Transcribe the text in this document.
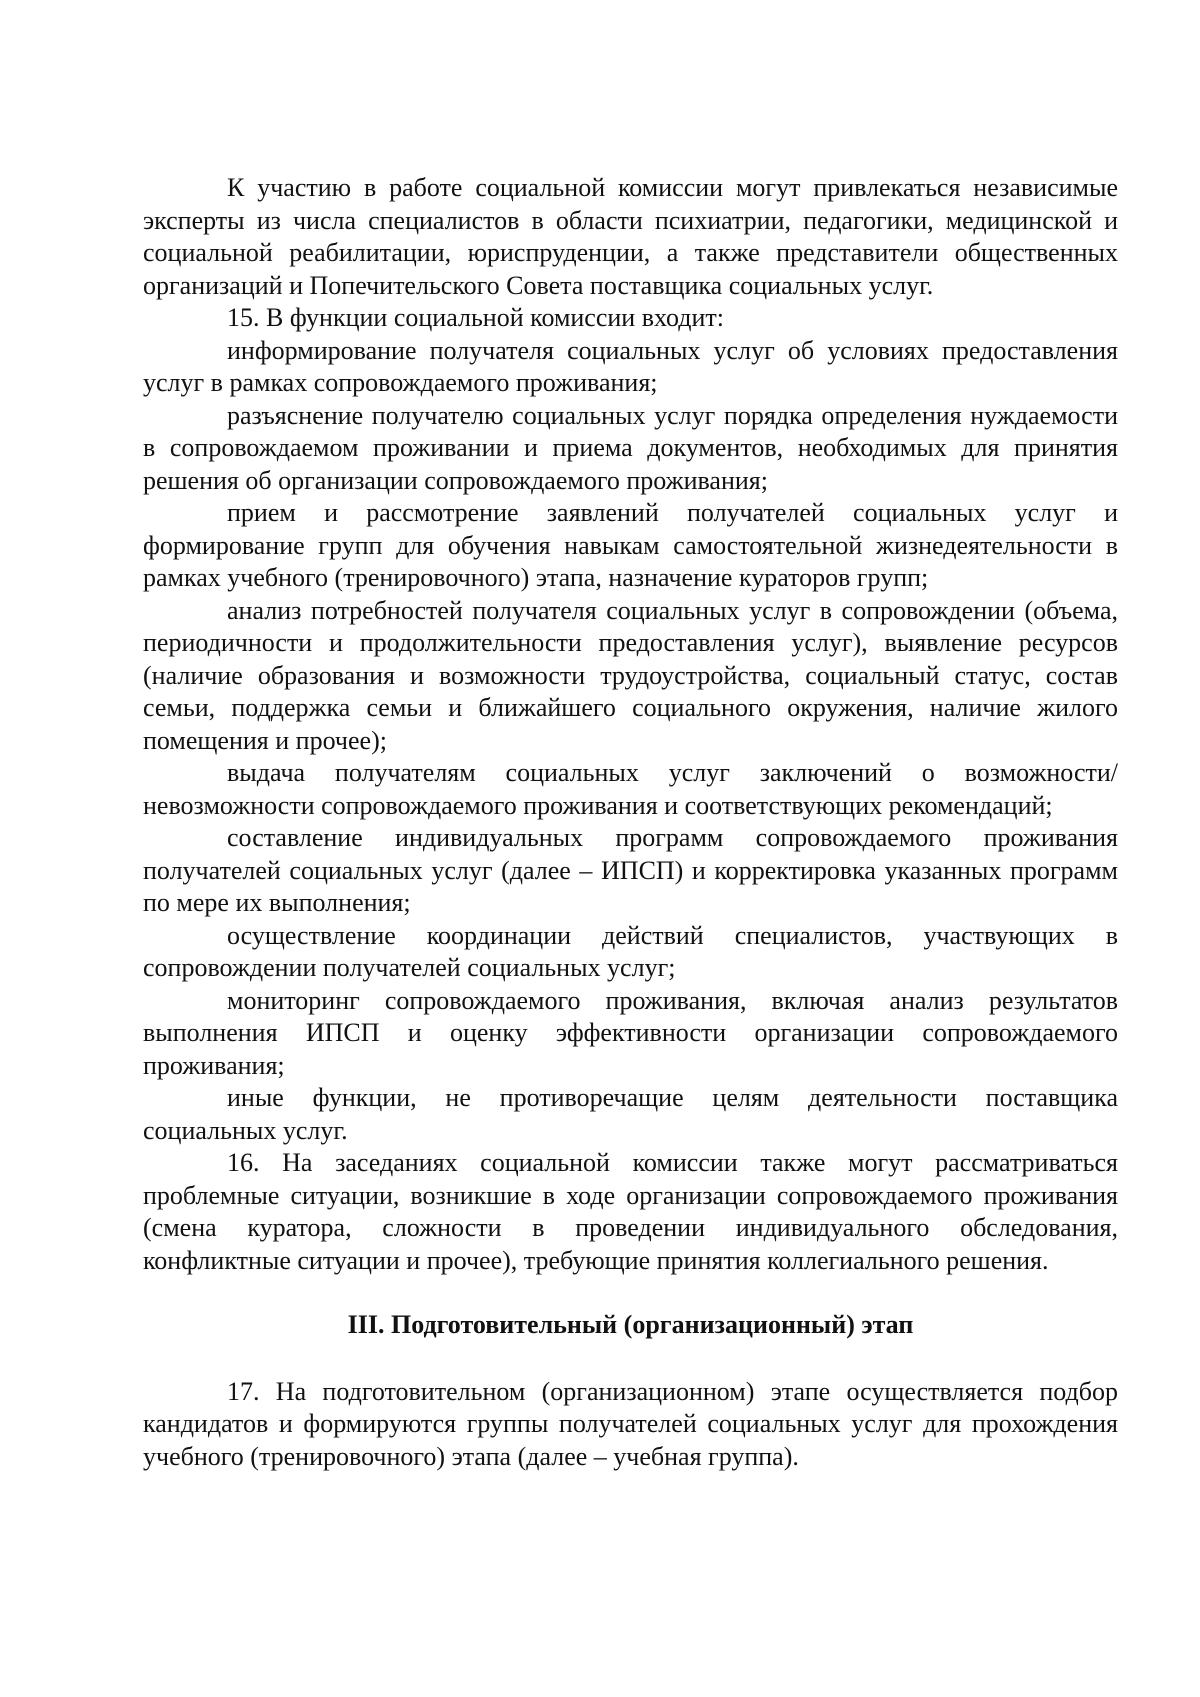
К участию в работе социальной комиссии могут привлекаться независимые эксперты из числа специалистов в области психиатрии, педагогики, медицинской и социальной реабилитации, юриспруденции, а также представители общественных организаций и Попечительского Совета поставщика социальных услуг.

15. В функции социальной комиссии входит:

информирование получателя социальных услуг об условиях предоставления услуг в рамках сопровождаемого проживания;

разъяснение получателю социальных услуг порядка определения нуждаемости в сопровождаемом проживании и приема документов, необходимых для принятия решения об организации сопровождаемого проживания;

прием и рассмотрение заявлений получателей социальных услуг и формирование групп для обучения навыкам самостоятельной жизнедеятельности в рамках учебного (тренировочного) этапа, назначение кураторов групп;

анализ потребностей получателя социальных услуг в сопровождении (объема, периодичности и продолжительности предоставления услуг), выявление ресурсов (наличие образования и возможности трудоустройства, социальный статус, состав семьи, поддержка семьи и ближайшего социального окружения, наличие жилого помещения и прочее);

выдача получателям социальных услуг заключений о возможности/невозможности сопровождаемого проживания и соответствующих рекомендаций;

составление индивидуальных программ сопровождаемого проживания получателей социальных услуг (далее – ИПСП) и корректировка указанных программ по мере их выполнения;

осуществление координации действий специалистов, участвующих в сопровождении получателей социальных услуг;

мониторинг сопровождаемого проживания, включая анализ результатов выполнения ИПСП и оценку эффективности организации сопровождаемого проживания;

иные функции, не противоречащие целям деятельности поставщика социальных услуг.

16. На заседаниях социальной комиссии также могут рассматриваться проблемные ситуации, возникшие в ходе организации сопровождаемого проживания (смена куратора, сложности в проведении индивидуального обследования, конфликтные ситуации и прочее), требующие принятия коллегиального решения.

III. Подготовительный (организационный) этап

17. На подготовительном (организационном) этапе осуществляется подбор кандидатов и формируются группы получателей социальных услуг для прохождения учебного (тренировочного) этапа (далее – учебная группа).
